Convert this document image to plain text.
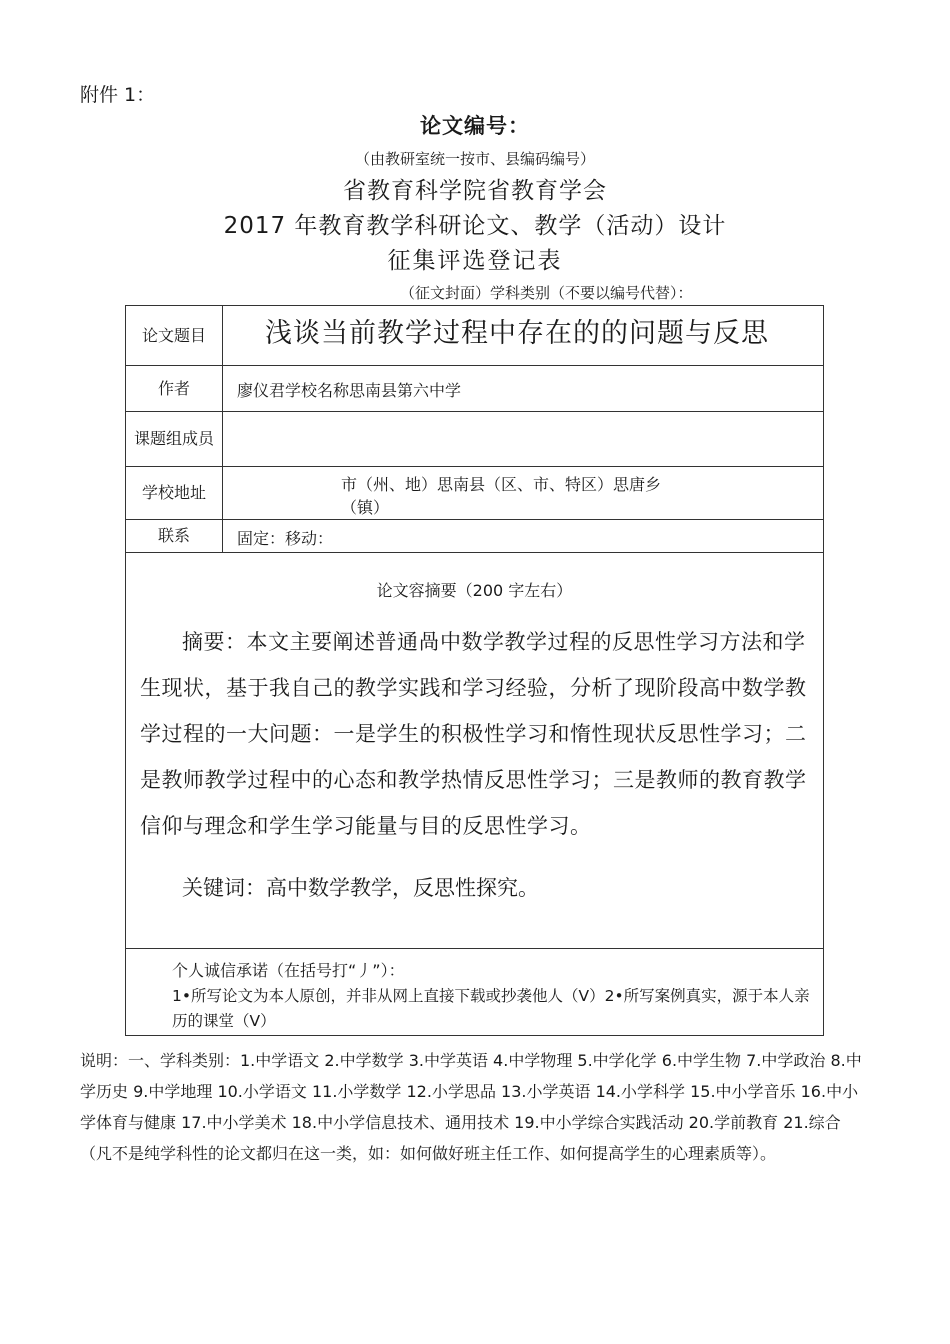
附件 1：
论文编号：
（由教研室统一按市、县编码编号）
省教育科学院省教育学会
2017 年教育教学科研论文、教学（活动）设计
征集评选登记表
（征文封面）学科类别（不要以编号代替）：
论文题目	浅谈当前教学过程中存在的的问题与反思
作者	廖仪君学校名称思南县第六中学
课题组成员
学校地址	市（州、地）思南县（区、市、特区）思唐乡
（镇）
联系	固定：移动：
论文容摘要（200 字左右）
摘要：本文主要阐述普通咼中数学教学过程的反思性学习方法和学生现状，基于我自己的教学实践和学习经验，分析了现阶段高中数学教学过程的一大问题：一是学生的积极性学习和惰性现状反思性学习；二是教师教学过程中的心态和教学热情反思性学习；三是教师的教育教学信仰与理念和学生学习能量与目的反思性学习。
关键词：高中数学教学，反思性探究。
个人诚信承诺（在括号打“丿”）：
1•所写论文为本人原创，并非从网上直接下载或抄袭他人（V）2•所写案例真实，源于本人亲历的课堂（V）
说明：一、学科类别：1.中学语文 2.中学数学 3.中学英语 4.中学物理 5.中学化学 6.中学生物 7.中学政治 8.中学历史 9.中学地理 10.小学语文 11.小学数学 12.小学思品 13.小学英语 14.小学科学 15.中小学音乐 16.中小学体育与健康 17.中小学美术 18.中小学信息技术、通用技术 19.中小学综合实践活动 20.学前教育 21.综合（凡不是纯学科性的论文都归在这一类，如：如何做好班主任工作、如何提高学生的心理素质等）。
